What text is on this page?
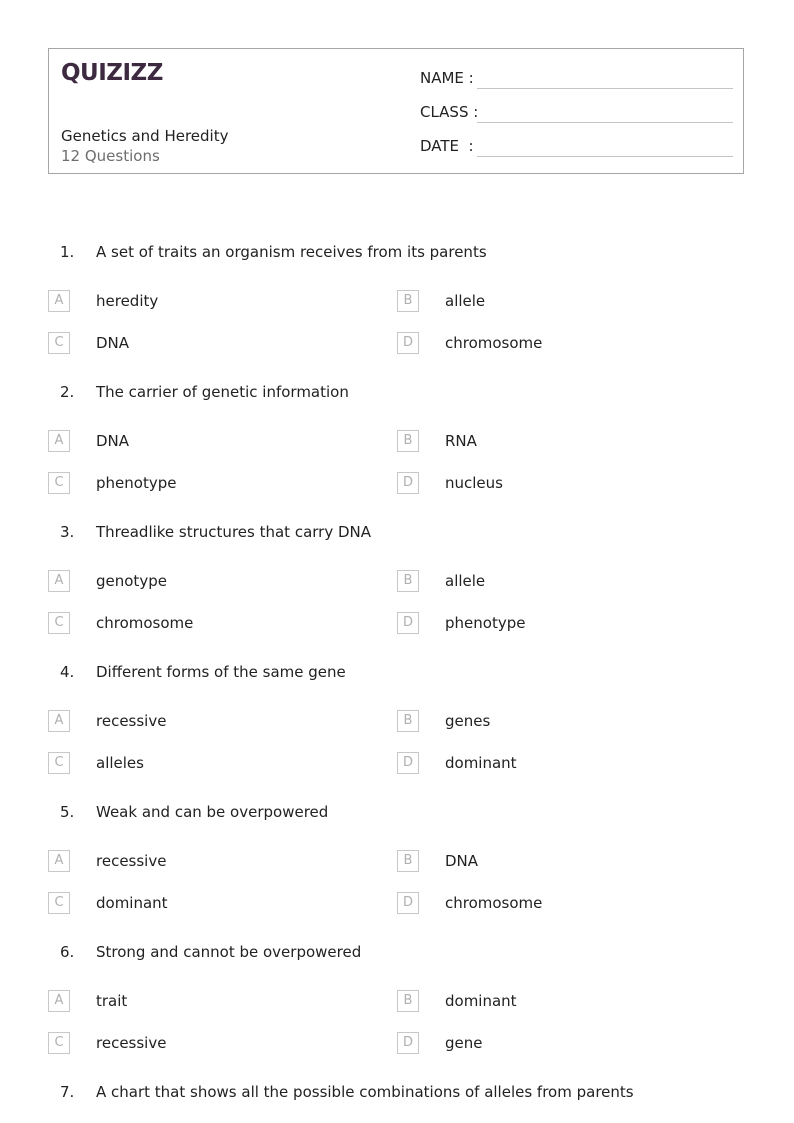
QUIZIZZ
Genetics and Heredity
12 Questions
NAME :
CLASS :
DATE  :
1. A set of traits an organism receives from its parents
A	heredity	B	allele
C	DNA	D	chromosome
2. The carrier of genetic information
A	DNA	B	RNA
C	phenotype	D	nucleus
3. Threadlike structures that carry DNA
A	genotype	B	allele
C	chromosome	D	phenotype
4. Different forms of the same gene
A	recessive	B	genes
C	alleles	D	dominant
5. Weak and can be overpowered
A	recessive	B	DNA
C	dominant	D	chromosome
6. Strong and cannot be overpowered
A	trait	B	dominant
C	recessive	D	gene
7. A chart that shows all the possible combinations of alleles from parents
